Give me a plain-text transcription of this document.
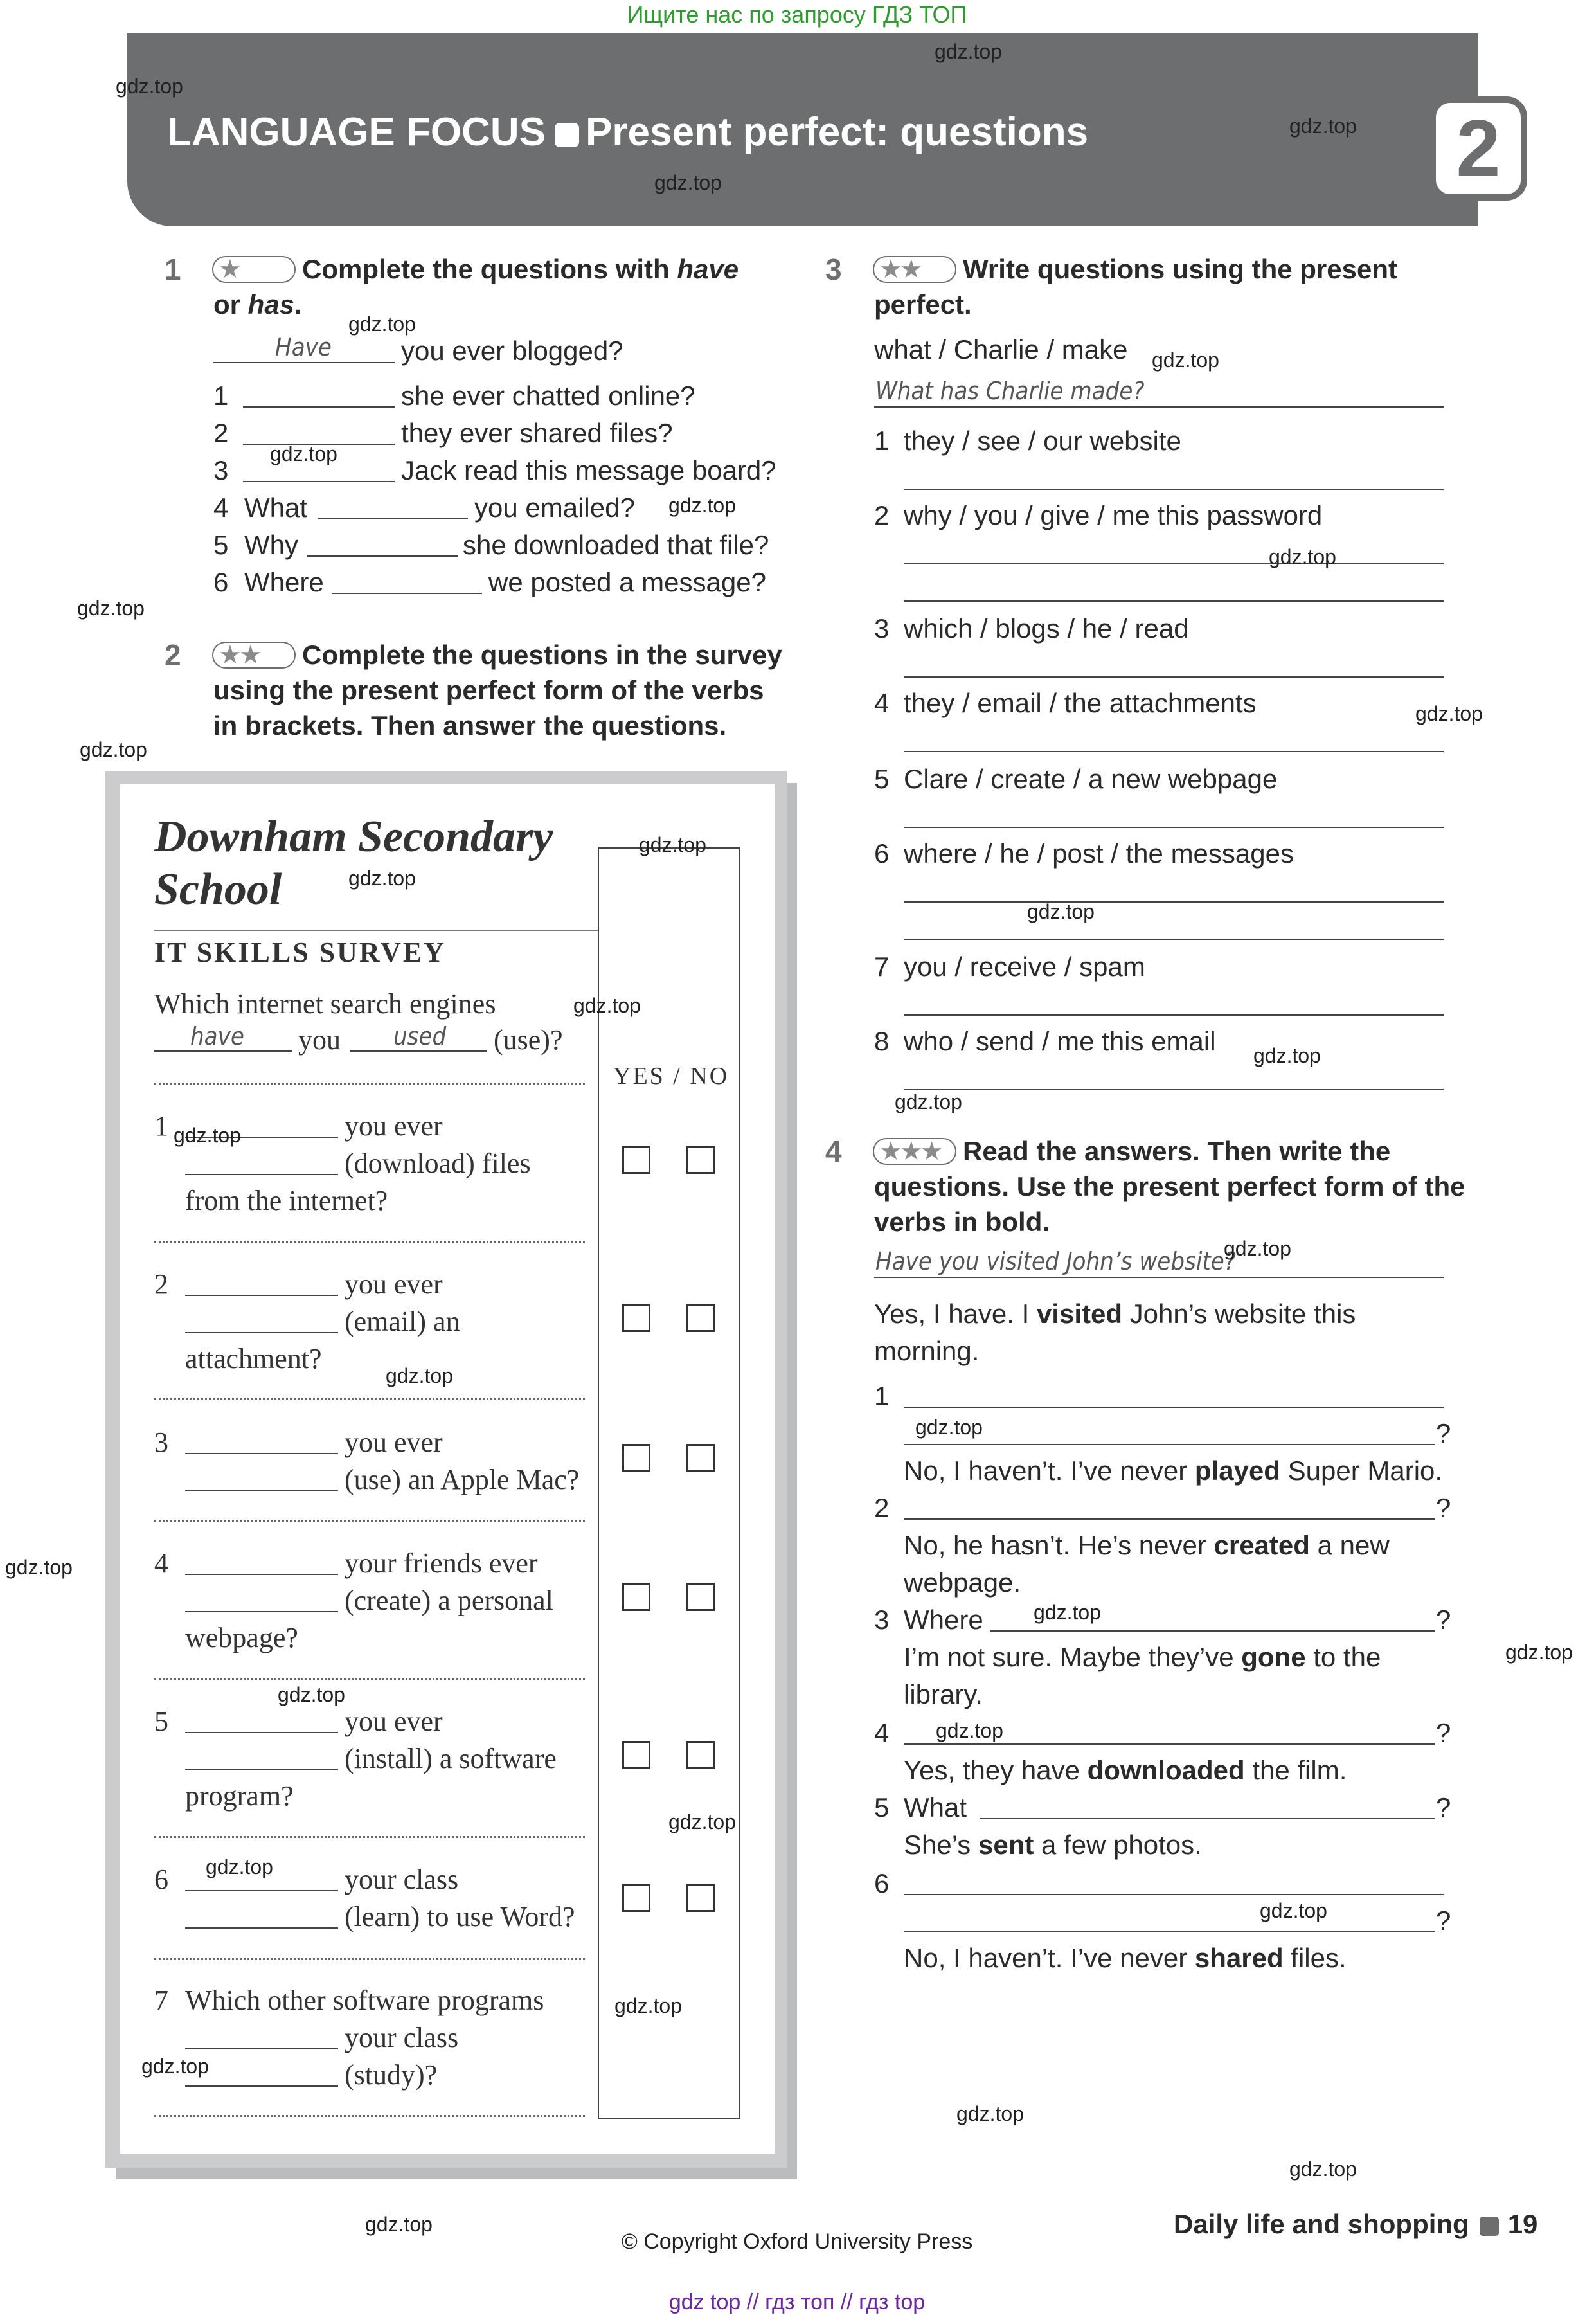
Ищите нас по запросу ГДЗ ТОП
LANGUAGE FOCUS Present perfect: questions	2
1 ★	Complete the questions with have
or has.
Have	you ever blogged?
1	she ever chatted online?
2	they ever shared files?
3	Jack read this message board?
4 What	you emailed?
5 Why	she downloaded that file?
6 Where	we posted a message?
2 ★★	Complete the questions in the survey
using the present perfect form of the verbs
in brackets. Then answer the questions.
Downham Secondary
School
IT SKILLS SURVEY
YES / NO
Which internet search engines
have you used (use)?
1	you ever
(download) files
from the internet?
2	you ever
(email) an
attachment?
3	you ever
(use) an Apple Mac?
4	your friends ever
(create) a personal
webpage?
5	you ever
(install) a software
program?
6	your class
(learn) to use Word?
7 Which other software programs
your class
(study)?
3 ★★	Write questions using the present
perfect.
what / Charlie / make
What has Charlie made?
1 they / see / our website
2 why / you / give / me this password
3 which / blogs / he / read
4 they / email / the attachments
5 Clare / create / a new webpage
6 where / he / post / the messages
7 you / receive / spam
8 who / send / me this email
4 ★★★ Read the answers. Then write the
questions. Use the present perfect form of the
verbs in bold.
Have you visited John’s website?
Yes, I have. I visited John’s website this
morning.
1
?
No, I haven’t. I’ve never played Super Mario.
2	?
No, he hasn’t. He’s never created a new
webpage.
3 Where	?
I’m not sure. Maybe they’ve gone to the
library.
4	?
Yes, they have downloaded the film.
5 What	?
She’s sent a few photos.
6
?
No, I haven’t. I’ve never shared files.
Daily life and shopping 19
© Copyright Oxford University Press
gdz top // гдз топ // гдз top
gdz.top
gdz.top
gdz.top
gdz.top
gdz.top
gdz.top
gdz.top
gdz.top
gdz.top
gdz.top
gdz.top
gdz.top
gdz.top
gdz.top
gdz.top
gdz.top
gdz.top
gdz.top
gdz.top
gdz.top
gdz.top
gdz.top
gdz.top
gdz.top
gdz.top
gdz.top
gdz.top
gdz.top
gdz.top
gdz.top
gdz.top
gdz.top
gdz.top
gdz.top
gdz.top
